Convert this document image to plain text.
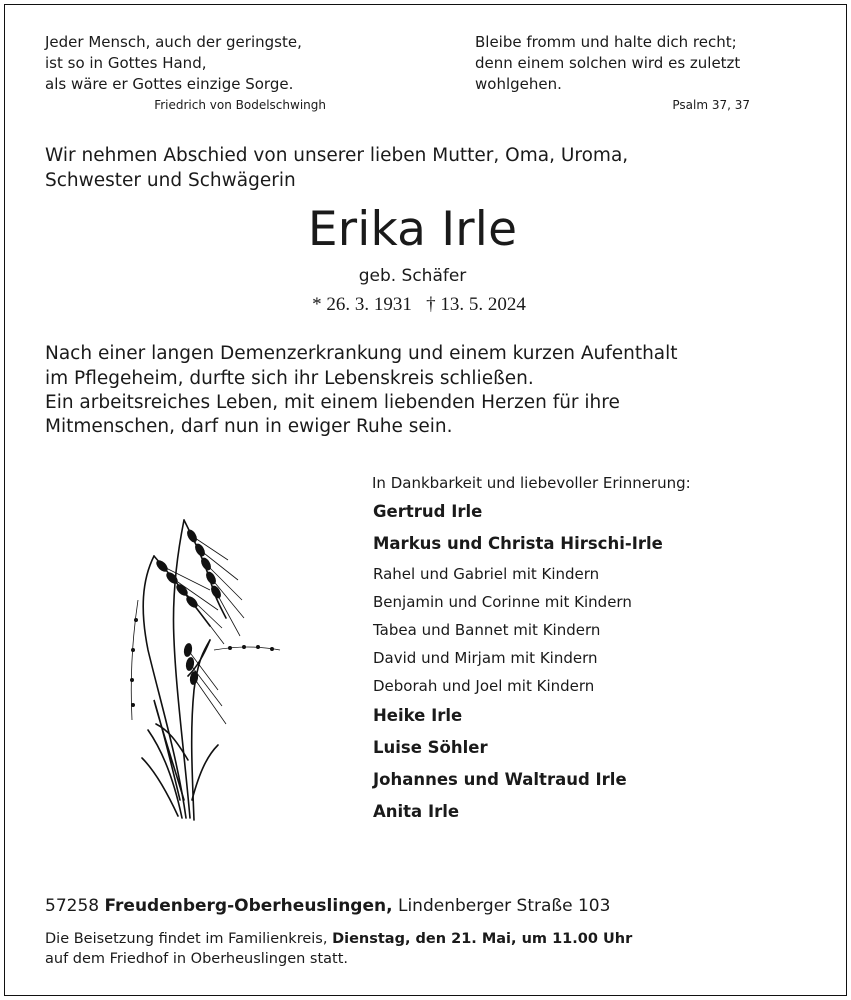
Jeder Mensch, auch der geringste,
ist so in Gottes Hand,
als wäre er Gottes einzige Sorge.
Friedrich von Bodelschwingh
Bleibe fromm und halte dich recht;
denn einem solchen wird es zuletzt
wohlgehen.
Psalm 37, 37
Wir nehmen Abschied von unserer lieben Mutter, Oma, Uroma,
Schwester und Schwägerin
Erika Irle
geb. Schäfer
* 26. 3. 1931   † 13. 5. 2024
Nach einer langen Demenzerkrankung und einem kurzen Aufenthalt
im Pflegeheim, durfte sich ihr Lebenskreis schließen.
Ein arbeitsreiches Leben, mit einem liebenden Herzen für ihre
Mitmenschen, darf nun in ewiger Ruhe sein.
In Dankbarkeit und liebevoller Erinnerung:
Gertrud Irle
Markus und Christa Hirschi-Irle
Rahel und Gabriel mit Kindern
Benjamin und Corinne mit Kindern
Tabea und Bannet mit Kindern
David und Mirjam mit Kindern
Deborah und Joel mit Kindern
Heike Irle
Luise Söhler
Johannes und Waltraud Irle
Anita Irle
57258 Freudenberg-Oberheuslingen, Lindenberger Straße 103
Die Beisetzung findet im Familienkreis, Dienstag, den 21. Mai, um 11.00 Uhr
auf dem Friedhof in Oberheuslingen statt.
